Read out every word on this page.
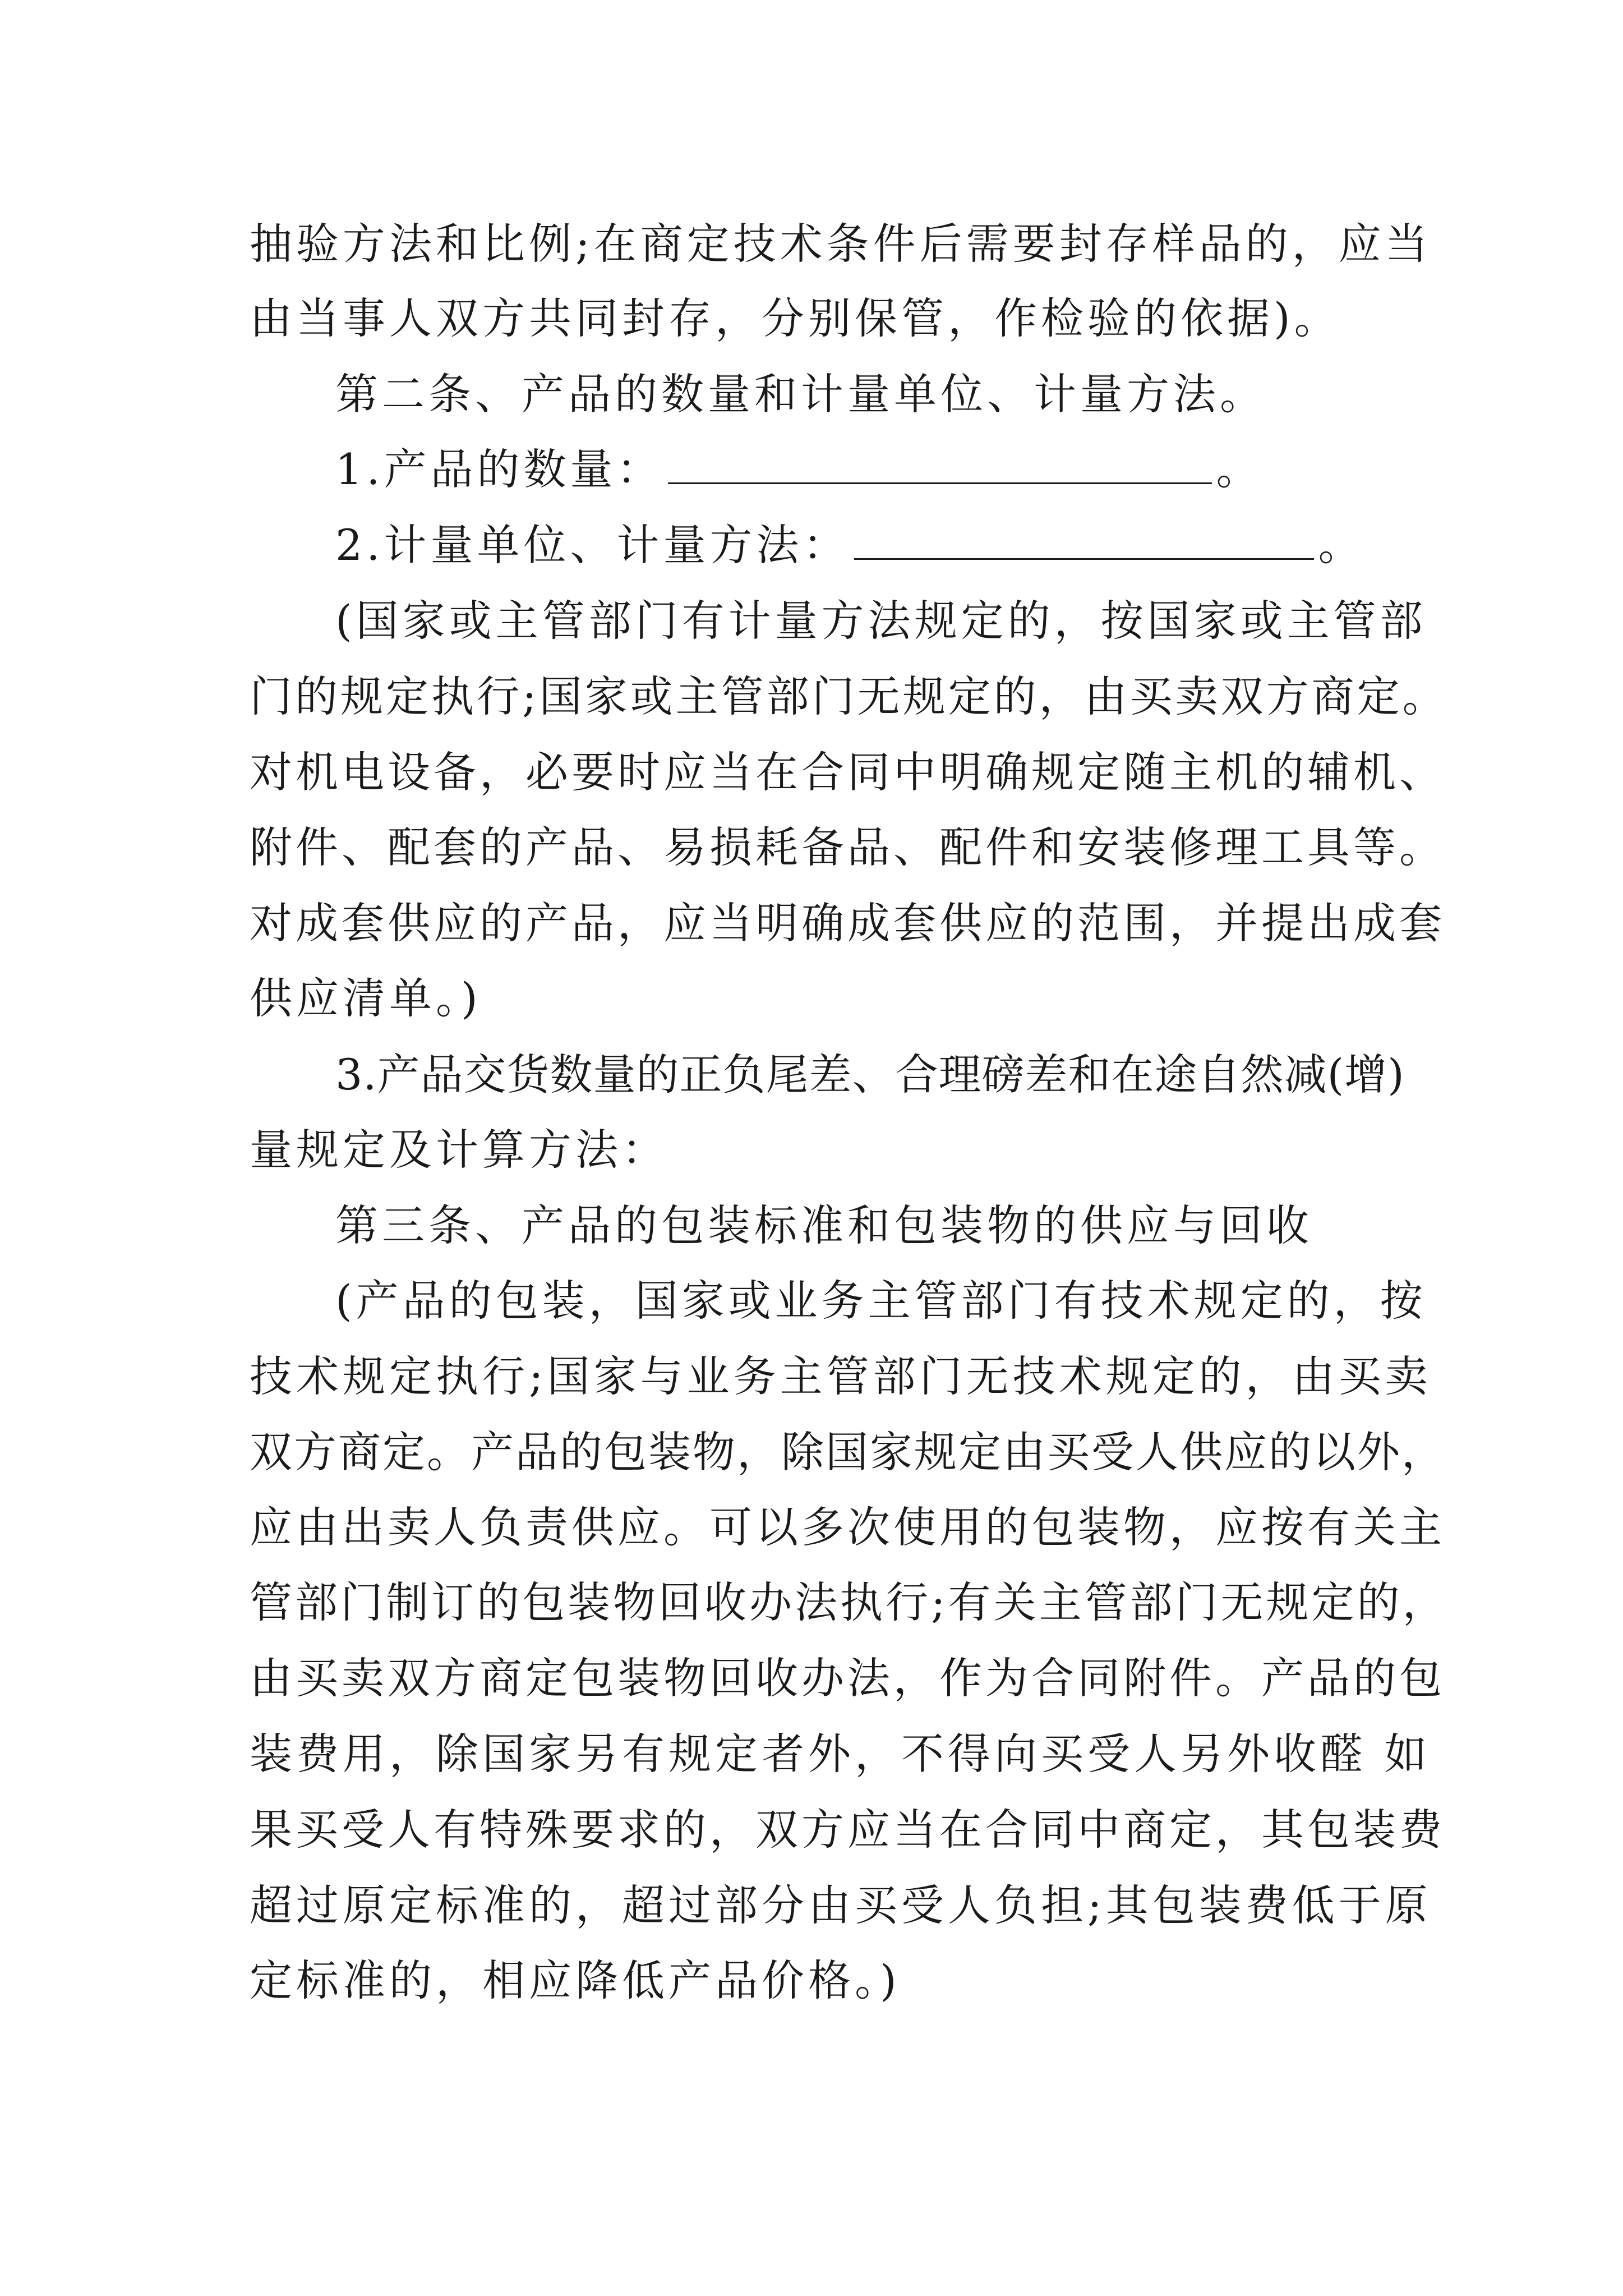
抽验方法和比例;在商定技术条件后需要封存样品的，应当

由当事人双方共同封存，分别保管，作检验的依据)。

第二条、产品的数量和计量单位、计量方法。

1.产品的数量：	。

2.计量单位、计量方法：	。

(国家或主管部门有计量方法规定的，按国家或主管部

门的规定执行;国家或主管部门无规定的，由买卖双方商定。

对机电设备，必要时应当在合同中明确规定随主机的辅机、

附件、配套的产品、易损耗备品、配件和安装修理工具等。

对成套供应的产品，应当明确成套供应的范围，并提出成套

供应清单。)

3.产品交货数量的正负尾差、合理磅差和在途自然减(增)

量规定及计算方法：

第三条、产品的包装标准和包装物的供应与回收

(产品的包装，国家或业务主管部门有技术规定的，按

技术规定执行;国家与业务主管部门无技术规定的，由买卖

双方商定。产品的包装物，除国家规定由买受人供应的以外，

应由出卖人负责供应。可以多次使用的包装物，应按有关主

管部门制订的包装物回收办法执行;有关主管部门无规定的，

由买卖双方商定包装物回收办法，作为合同附件。产品的包

装费用，除国家另有规定者外，不得向买受人另外收醛 如

果买受人有特殊要求的，双方应当在合同中商定，其包装费

超过原定标准的，超过部分由买受人负担;其包装费低于原

定标准的，相应降低产品价格。)
